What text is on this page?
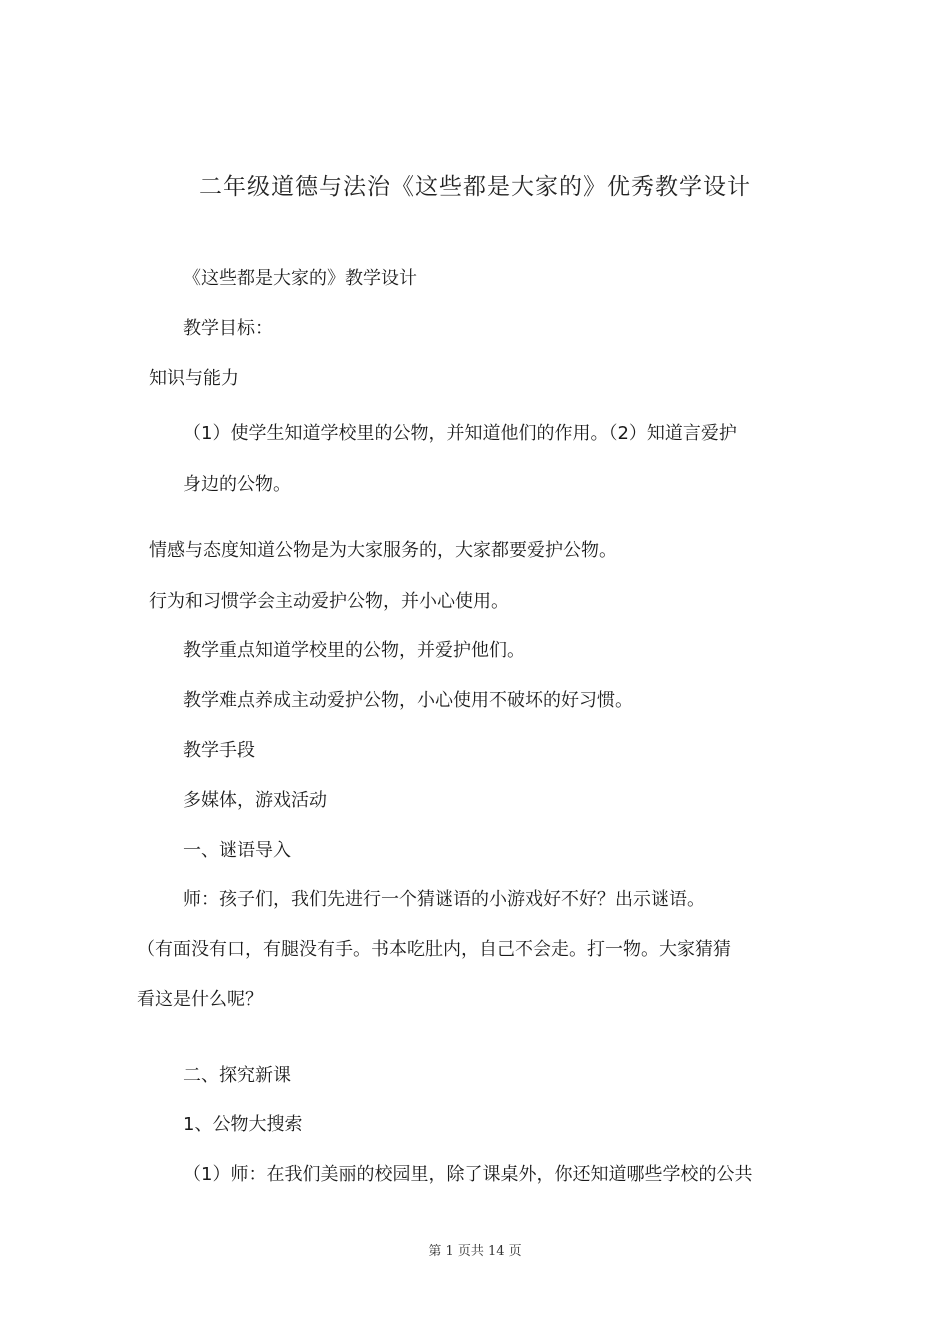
二年级道德与法治《这些都是大家的》优秀教学设计
《这些都是大家的》教学设计
教学目标：
知识与能力
（1）使学生知道学校里的公物，并知道他们的作用。（2）知道言爱护
身边的公物。
情感与态度知道公物是为大家服务的，大家都要爱护公物。
行为和习惯学会主动爱护公物，并小心使用。
教学重点知道学校里的公物，并爱护他们。
教学难点养成主动爱护公物，小心使用不破坏的好习惯。
教学手段
多媒体，游戏活动
一、谜语导入
师：孩子们，我们先进行一个猜谜语的小游戏好不好？出示谜语。
（有面没有口，有腿没有手。书本吃肚内，自己不会走。打一物。大家猜猜
看这是什么呢？
二、探究新课
1、公物大搜索
（1）师：在我们美丽的校园里，除了课桌外，你还知道哪些学校的公共
第 1 页共 14 页
